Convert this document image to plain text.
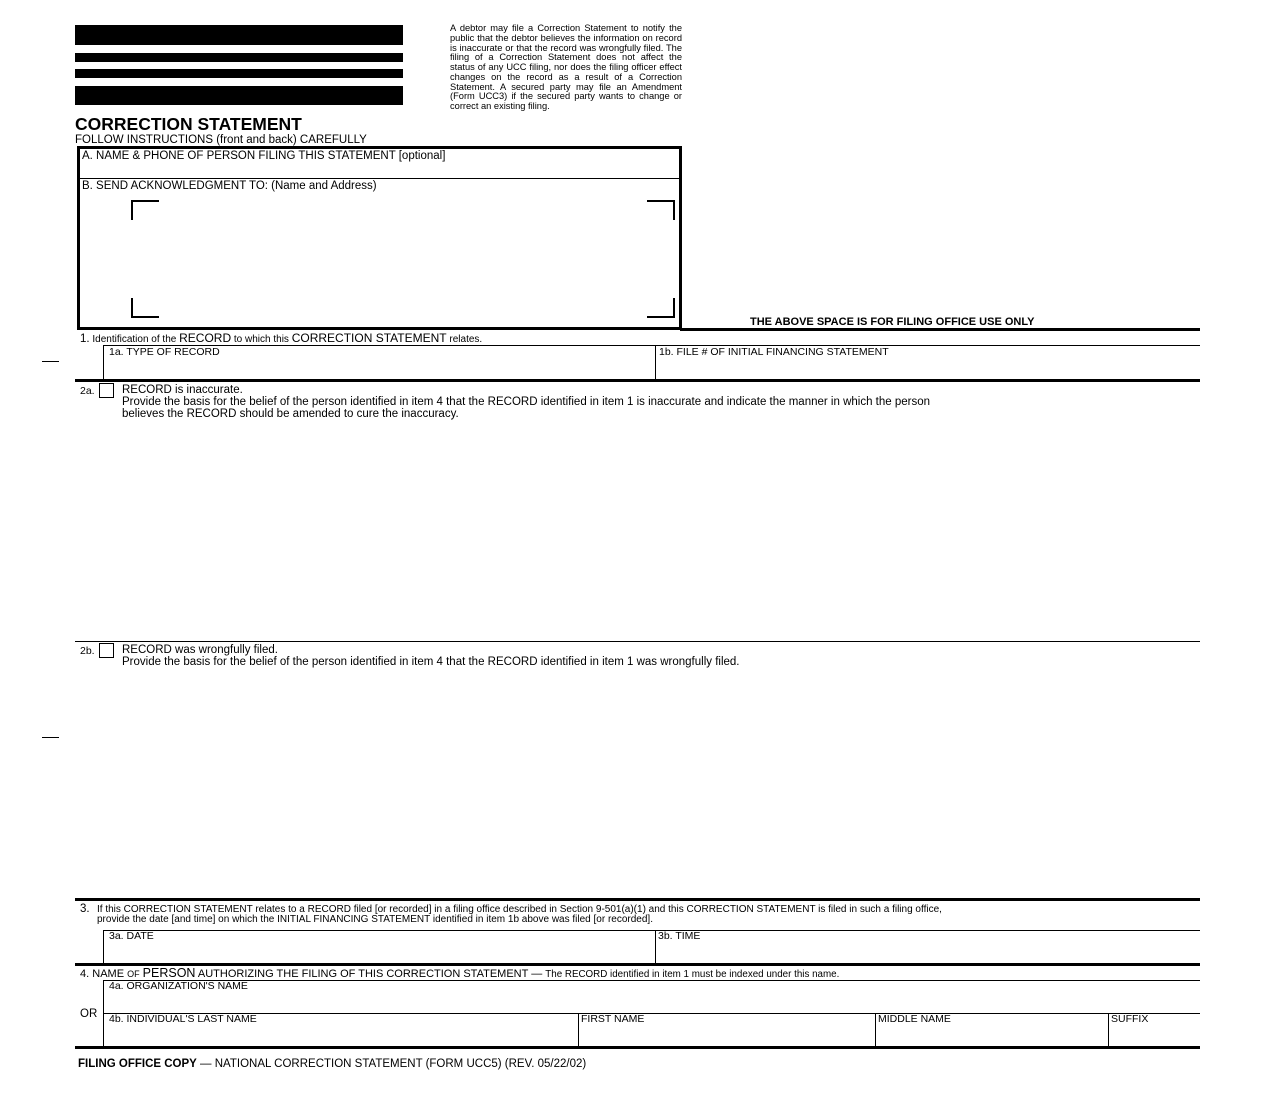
A debtor may file a Correction Statement to notify the public that the debtor believes the information on record is inaccurate or that the record was wrongfully filed. The filing of a Correction Statement does not affect the status of any UCC filing, nor does the filing officer effect changes on the record as a result of a Correction Statement. A secured party may file an Amendment (Form UCC3) if the secured party wants to change or correct an existing filing.
CORRECTION STATEMENT
FOLLOW INSTRUCTIONS (front and back) CAREFULLY
A. NAME & PHONE OF PERSON FILING THIS STATEMENT [optional]
B. SEND ACKNOWLEDGMENT TO: (Name and Address)
THE ABOVE SPACE IS FOR FILING OFFICE USE ONLY
1. Identification of the RECORD to which this CORRECTION STATEMENT relates.
1a. TYPE OF RECORD	1b. FILE # OF INITIAL FINANCING STATEMENT
2a. RECORD is inaccurate.
Provide the basis for the belief of the person identified in item 4 that the RECORD identified in item 1 is inaccurate and indicate the manner in which the person
believes the RECORD should be amended to cure the inaccuracy.
2b. RECORD was wrongfully filed.
Provide the basis for the belief of the person identified in item 4 that the RECORD identified in item 1 was wrongfully filed.
3. If this CORRECTION STATEMENT relates to a RECORD filed [or recorded] in a filing office described in Section 9-501(a)(1) and this CORRECTION STATEMENT is filed in such a filing office,
provide the date [and time] on which the INITIAL FINANCING STATEMENT identified in item 1b above was filed [or recorded].
3a. DATE	3b. TIME
4. NAME OF PERSON AUTHORIZING THE FILING OF THIS CORRECTION STATEMENT — The RECORD identified in item 1 must be indexed under this name.
4a. ORGANIZATION'S NAME
OR 4b. INDIVIDUAL'S LAST NAME	FIRST NAME	MIDDLE NAME	SUFFIX
FILING OFFICE COPY — NATIONAL CORRECTION STATEMENT (FORM UCC5) (REV. 05/22/02)
